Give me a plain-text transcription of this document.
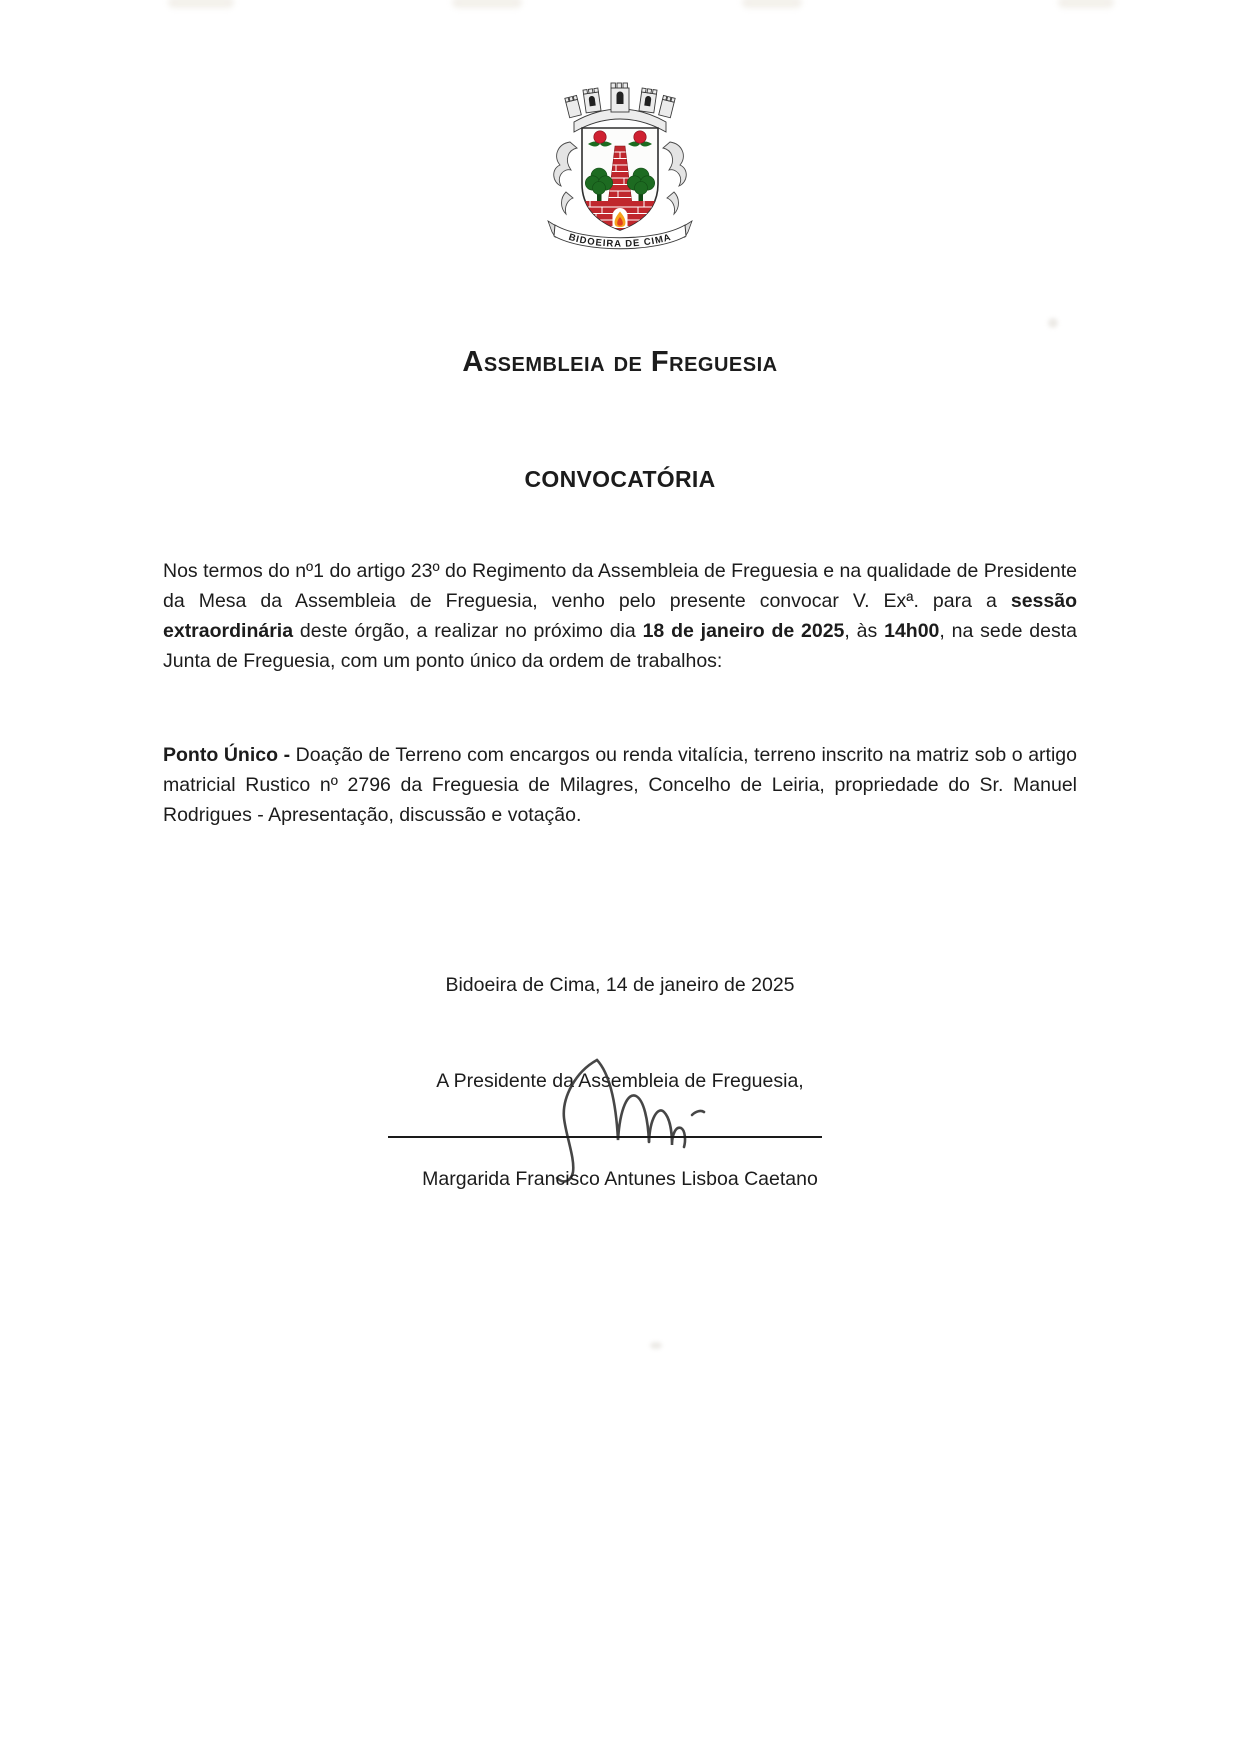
BIDOEIRA DE CIMA
Assembleia de Freguesia
CONVOCATÓRIA
Nos termos do nº1 do artigo 23º do Regimento da Assembleia de Freguesia e na qualidade de Presidente da Mesa da Assembleia de Freguesia, venho pelo presente convocar V. Exª. para a sessão extraordinária deste órgão, a realizar no próximo dia 18 de janeiro de 2025, às 14h00, na sede desta Junta de Freguesia, com um ponto único da ordem de trabalhos:
Ponto Único - Doação de Terreno com encargos ou renda vitalícia, terreno inscrito na matriz sob o artigo matricial Rustico nº 2796 da Freguesia de Milagres, Concelho de Leiria, propriedade do Sr. Manuel Rodrigues - Apresentação, discussão e votação.
Bidoeira de Cima, 14 de janeiro de 2025
A Presidente da Assembleia de Freguesia,
Margarida Francisco Antunes Lisboa Caetano
